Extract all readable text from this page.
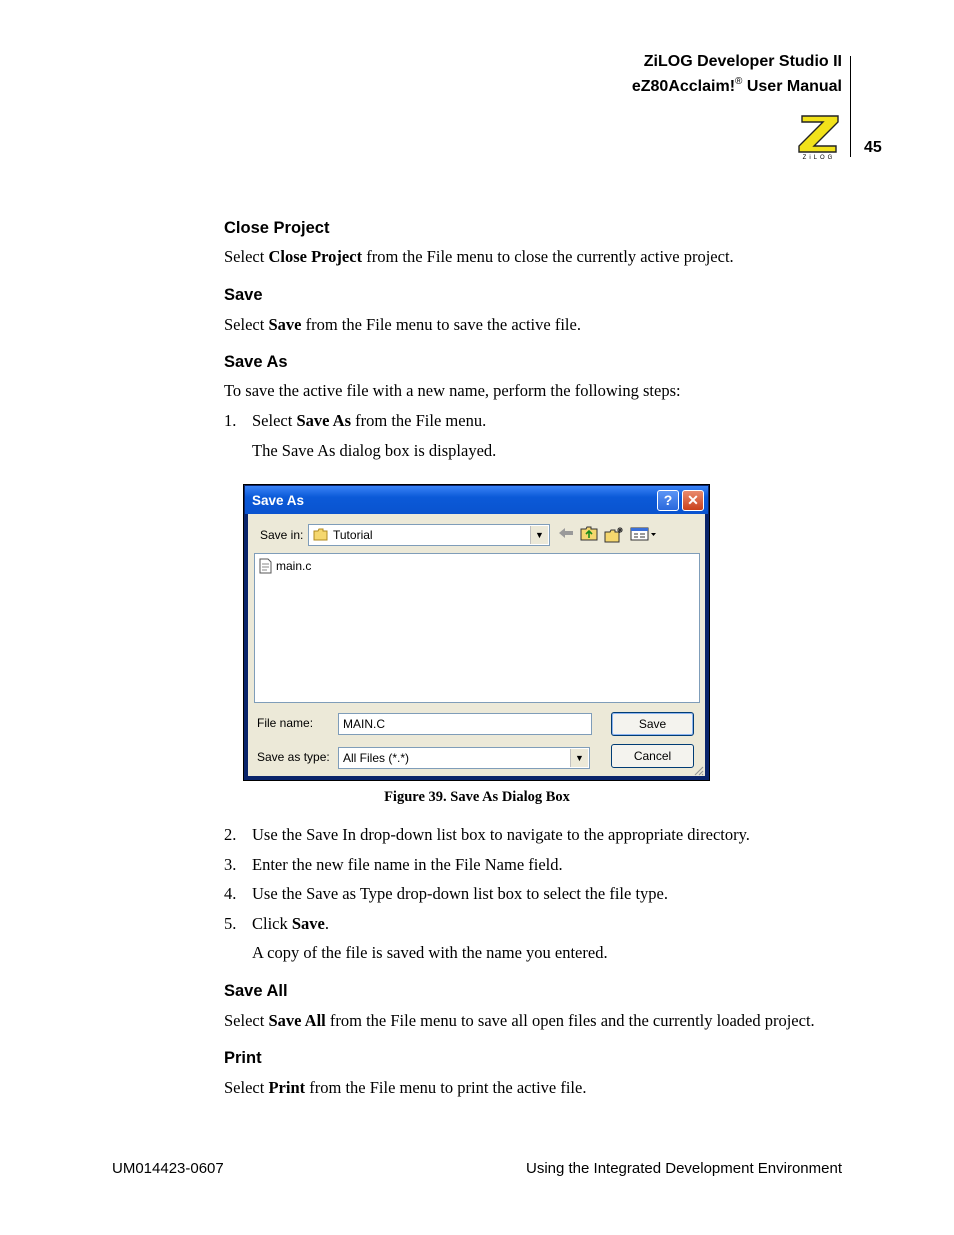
ZiLOG Developer Studio II
eZ80Acclaim!® User Manual
ZiLOG
45
Close Project
Select Close Project from the File menu to close the currently active project.
Save
Select Save from the File menu to save the active file.
Save As
To save the active file with a new name, perform the following steps:
1. Select Save As from the File menu.
The Save As dialog box is displayed.
Save As	?	✕
Save in: Tutorial	▼
main.c
File name: MAIN.C	Save
Save as type: All Files (*.*)	▼	Cancel
Figure 39. Save As Dialog Box
2. Use the Save In drop-down list box to navigate to the appropriate directory.
3. Enter the new file name in the File Name field.
4. Use the Save as Type drop-down list box to select the file type.
5. Click Save.
A copy of the file is saved with the name you entered.
Save All
Select Save All from the File menu to save all open files and the currently loaded project.
Print
Select Print from the File menu to print the active file.
UM014423-0607	Using the Integrated Development Environment
